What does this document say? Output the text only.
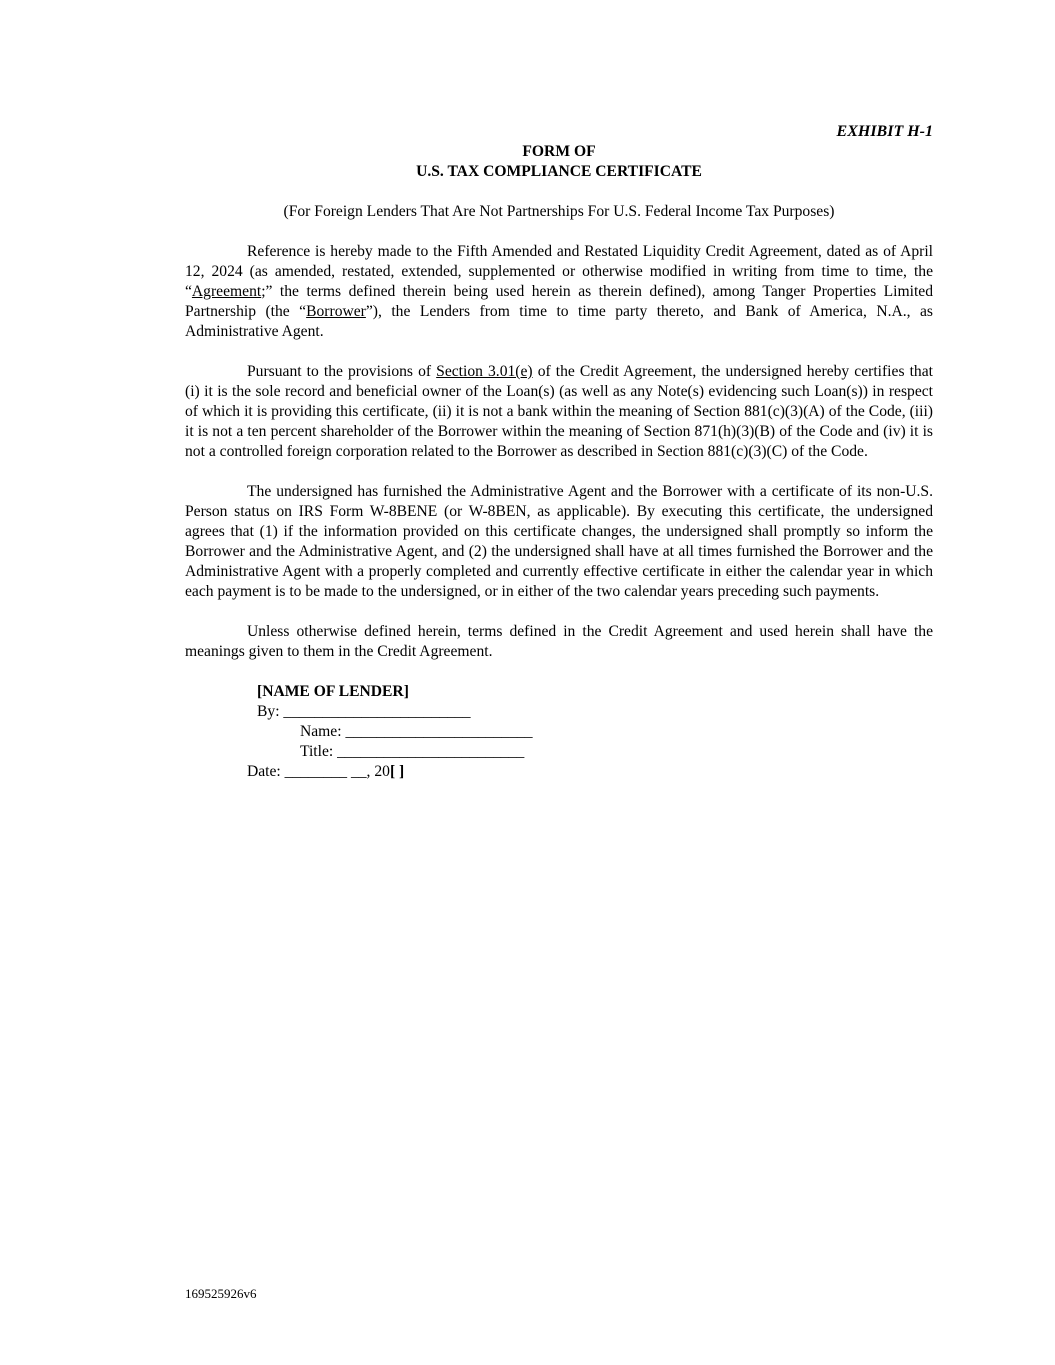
EXHIBIT H-1

FORM OF

U.S. TAX COMPLIANCE CERTIFICATE

(For Foreign Lenders That Are Not Partnerships For U.S. Federal Income Tax Purposes)

Reference is hereby made to the Fifth Amended and Restated Liquidity Credit Agreement, dated as of April 12, 2024 (as amended, restated, extended, supplemented or otherwise modified in writing from time to time, the “Agreement;” the terms defined therein being used herein as therein defined), among Tanger Properties Limited Partnership (the “Borrower”), the Lenders from time to time party thereto, and Bank of America, N.A., as Administrative Agent.

Pursuant to the provisions of Section 3.01(e) of the Credit Agreement, the undersigned hereby certifies that (i) it is the sole record and beneficial owner of the Loan(s) (as well as any Note(s) evidencing such Loan(s)) in respect of which it is providing this certificate, (ii) it is not a bank within the meaning of Section 881(c)(3)(A) of the Code, (iii) it is not a ten percent shareholder of the Borrower within the meaning of Section 871(h)(3)(B) of the Code and (iv) it is not a controlled foreign corporation related to the Borrower as described in Section 881(c)(3)(C) of the Code.

The undersigned has furnished the Administrative Agent and the Borrower with a certificate of its non-U.S. Person status on IRS Form W-8BENE (or W-8BEN, as applicable). By executing this certificate, the undersigned agrees that (1) if the information provided on this certificate changes, the undersigned shall promptly so inform the Borrower and the Administrative Agent, and (2) the undersigned shall have at all times furnished the Borrower and the Administrative Agent with a properly completed and currently effective certificate in either the calendar year in which each payment is to be made to the undersigned, or in either of the two calendar years preceding such payments.

Unless otherwise defined herein, terms defined in the Credit Agreement and used herein shall have the meanings given to them in the Credit Agreement.

[NAME OF LENDER]
By: ________________________
Name: ________________________
Title: ________________________
Date: ________ __, 20[ ]
169525926v6
